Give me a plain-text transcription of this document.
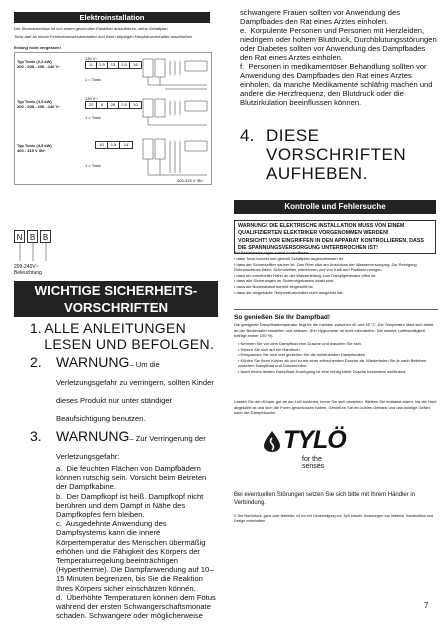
Elektroinstallation
Der Stromanschluss ist von einem geschulten Elektriker auszuführen, siehe Schaltplan.
Tonic darf an einem Fehlerstromschutzschalter und einen allpoligen Hauptstromschalter anschließen.
Erdung nicht vergessen!
Typ Tonic (2,2 kW)
200 - 208 - 230 - 240 V~
230 V~
11	2,5	13	1,5	16
1 = Tonic
Typ Tonic (4,5 kW)
200 - 208 - 230 - 240 V~
230 V~
22	6	26	2,5	10
1 = Tonic
Typ Tonic (4,5 kW)
400 - 415 V 3N~
10	1,5	14
1 = Tonic
400-415 V 3N~
N B B
209-240V~
Beleuchtung
WICHTIGE SICHERHEITS-VORSCHRIFTEN
1. ALLE ANLEITUNGEN LESEN UND BEFOLGEN.
2.	WARNUNG– Um die Verletzungsgefahr zu verringern, sollten Kinder dieses Produkt nur unter ständiger Beaufsichtigung benutzen.
3.	WARNUNG– Zur Verringerung der Verletzungsgefahr:
a.  Die feuchten Flächen von Dampfbädern können rutschig sein. Vorsicht beim Betreten der Dampfkabine.
b.  Der Dampfkopf ist heiß. Dampfkopf nicht berühren und dem Dampf in Nähe des Dampfkopfes fern bleiben.
c.  Ausgedehnte Anwendung des Dampfsystems kann die innere Körpertemperatur des Menschen übermäßig erhöhen und die Fähigkeit des Körpers der Temperaturregelung beeinträchtigen (Hyperthermie). Die Dampfanwendung auf 10–15 Minuten begrenzen, bis Sie die Reaktion Ihres Körpers sicher einschätzen können.
d.  Überhöhte Temperaturen können dem Fötus während der ersten Schwangerschaftsmonate schaden. Schwangere oder möglicherweise
schwangere Frauen sollten vor Anwendung des Dampfbades den Rat eines Arztes einholen.
e.  Korpulente Personen und Personen mit Herzleiden, niedrigem oder hohem Blutdruck, Durchblutungsstörungen oder Diabetes sollten vor Anwendung des Dampfbades den Rat eines Arztes einholen.
f.  Personen in medikamentöser Behandlung sollten vor Anwendung des Dampfbades den Rat eines Arztes einholen, da manche Medikamente schläfrig machen und andere die Herzfrequenz, den Blutdruck oder die Blutzirkulation beeinflussen können.
4. DIESE VORSCHRIFTEN AUFHEBEN.
Kontrolle und Fehlersuche
WARNUNG! DIE ELEKTRISCHE INSTALLATION MUSS VON EINEM QUALIFIZIERTEN ELEKTRIKER VORGENOMMEN WERDEN!
VORSICHT! VOR EINGRIFFEN IN DEN APPARAT KONTROLLIEREN, DASS DIE SPANNUNGSVERSORGUNG UNTERBROCHEN IST!
Bei Betriebsstörungen zuerst kontrollieren:
• dass Tonic korrekt und gemäß Schaltplan angeschlossen ist.
• dass der Schmutzfilter sauber ist. Das Filter sitzt am Anschluss der Wasserversorgung. Zur Reinigung Rohranschluss lösen, Schmutzfilter entnehmen und von Kalk und Partikeln reinigen.
• dass ein eventueller Hahn an der Wasserleitung zum Dampfgenerator offen ist.
• dass alle Sicherungen im Sicherungskasten intakt sind.
• dass die Bodenablauf korrekt eingestellt ist.
• dass der eingebaute Temperaturschalter nicht ausgelöst hat.
So genießen Sie Ihr Dampfbad!
Die geeignete Dampfbadtemperatur liegt für die meisten zwischen 40 und 45 °C. Die Temperatur lässt sich direkt an der Bedientafel einstellen und ablesen. (Ein Hygrometer ist nicht erforderlich. Die relative Luftfeuchtigkeit beträgt immer 100 %).
• Nehmen Sie vor dem Dampfbad eine Dusche und waschen Sie sich.
• Setzen Sie sich auf ein Handtuch.
• Entspannen Sie sich und genießen Sie die wohltuenden Dampfwolken.
• Kühlen Sie Ihren Körper ab und zu mit einer erfrischenden Dusche ab. Wiederholen Sie je nach Belieben zwischen Dampfbad und Duschkühlen.
• Nach einem letzten Dampfbad-Durchgang ist eine richtig kühle Dusche besonders wohltuend.
Lassen Sie den Körper gut an der Luft trocknen, bevor Sie sich anziehen. Bleiben Sie entlastet sitzen, bis die Haut abgekühlt ist und sich die Poren geschlossen haben. Genießen Sie ein kühles Getränk und das wohlige Gefühl nach der Dampfdusche.
TYLÖ
for the senses
Bei eventuellen Störungen setzen Sie sich bitte mit Ihrem Händler in Verbindung.
© Der Nachdruck, ganz oder teilweise, ist nur mit Genehmigung von Tylö erlaubt. Änderungen von Material, Konstruktion und Design vorbehalten.
7
